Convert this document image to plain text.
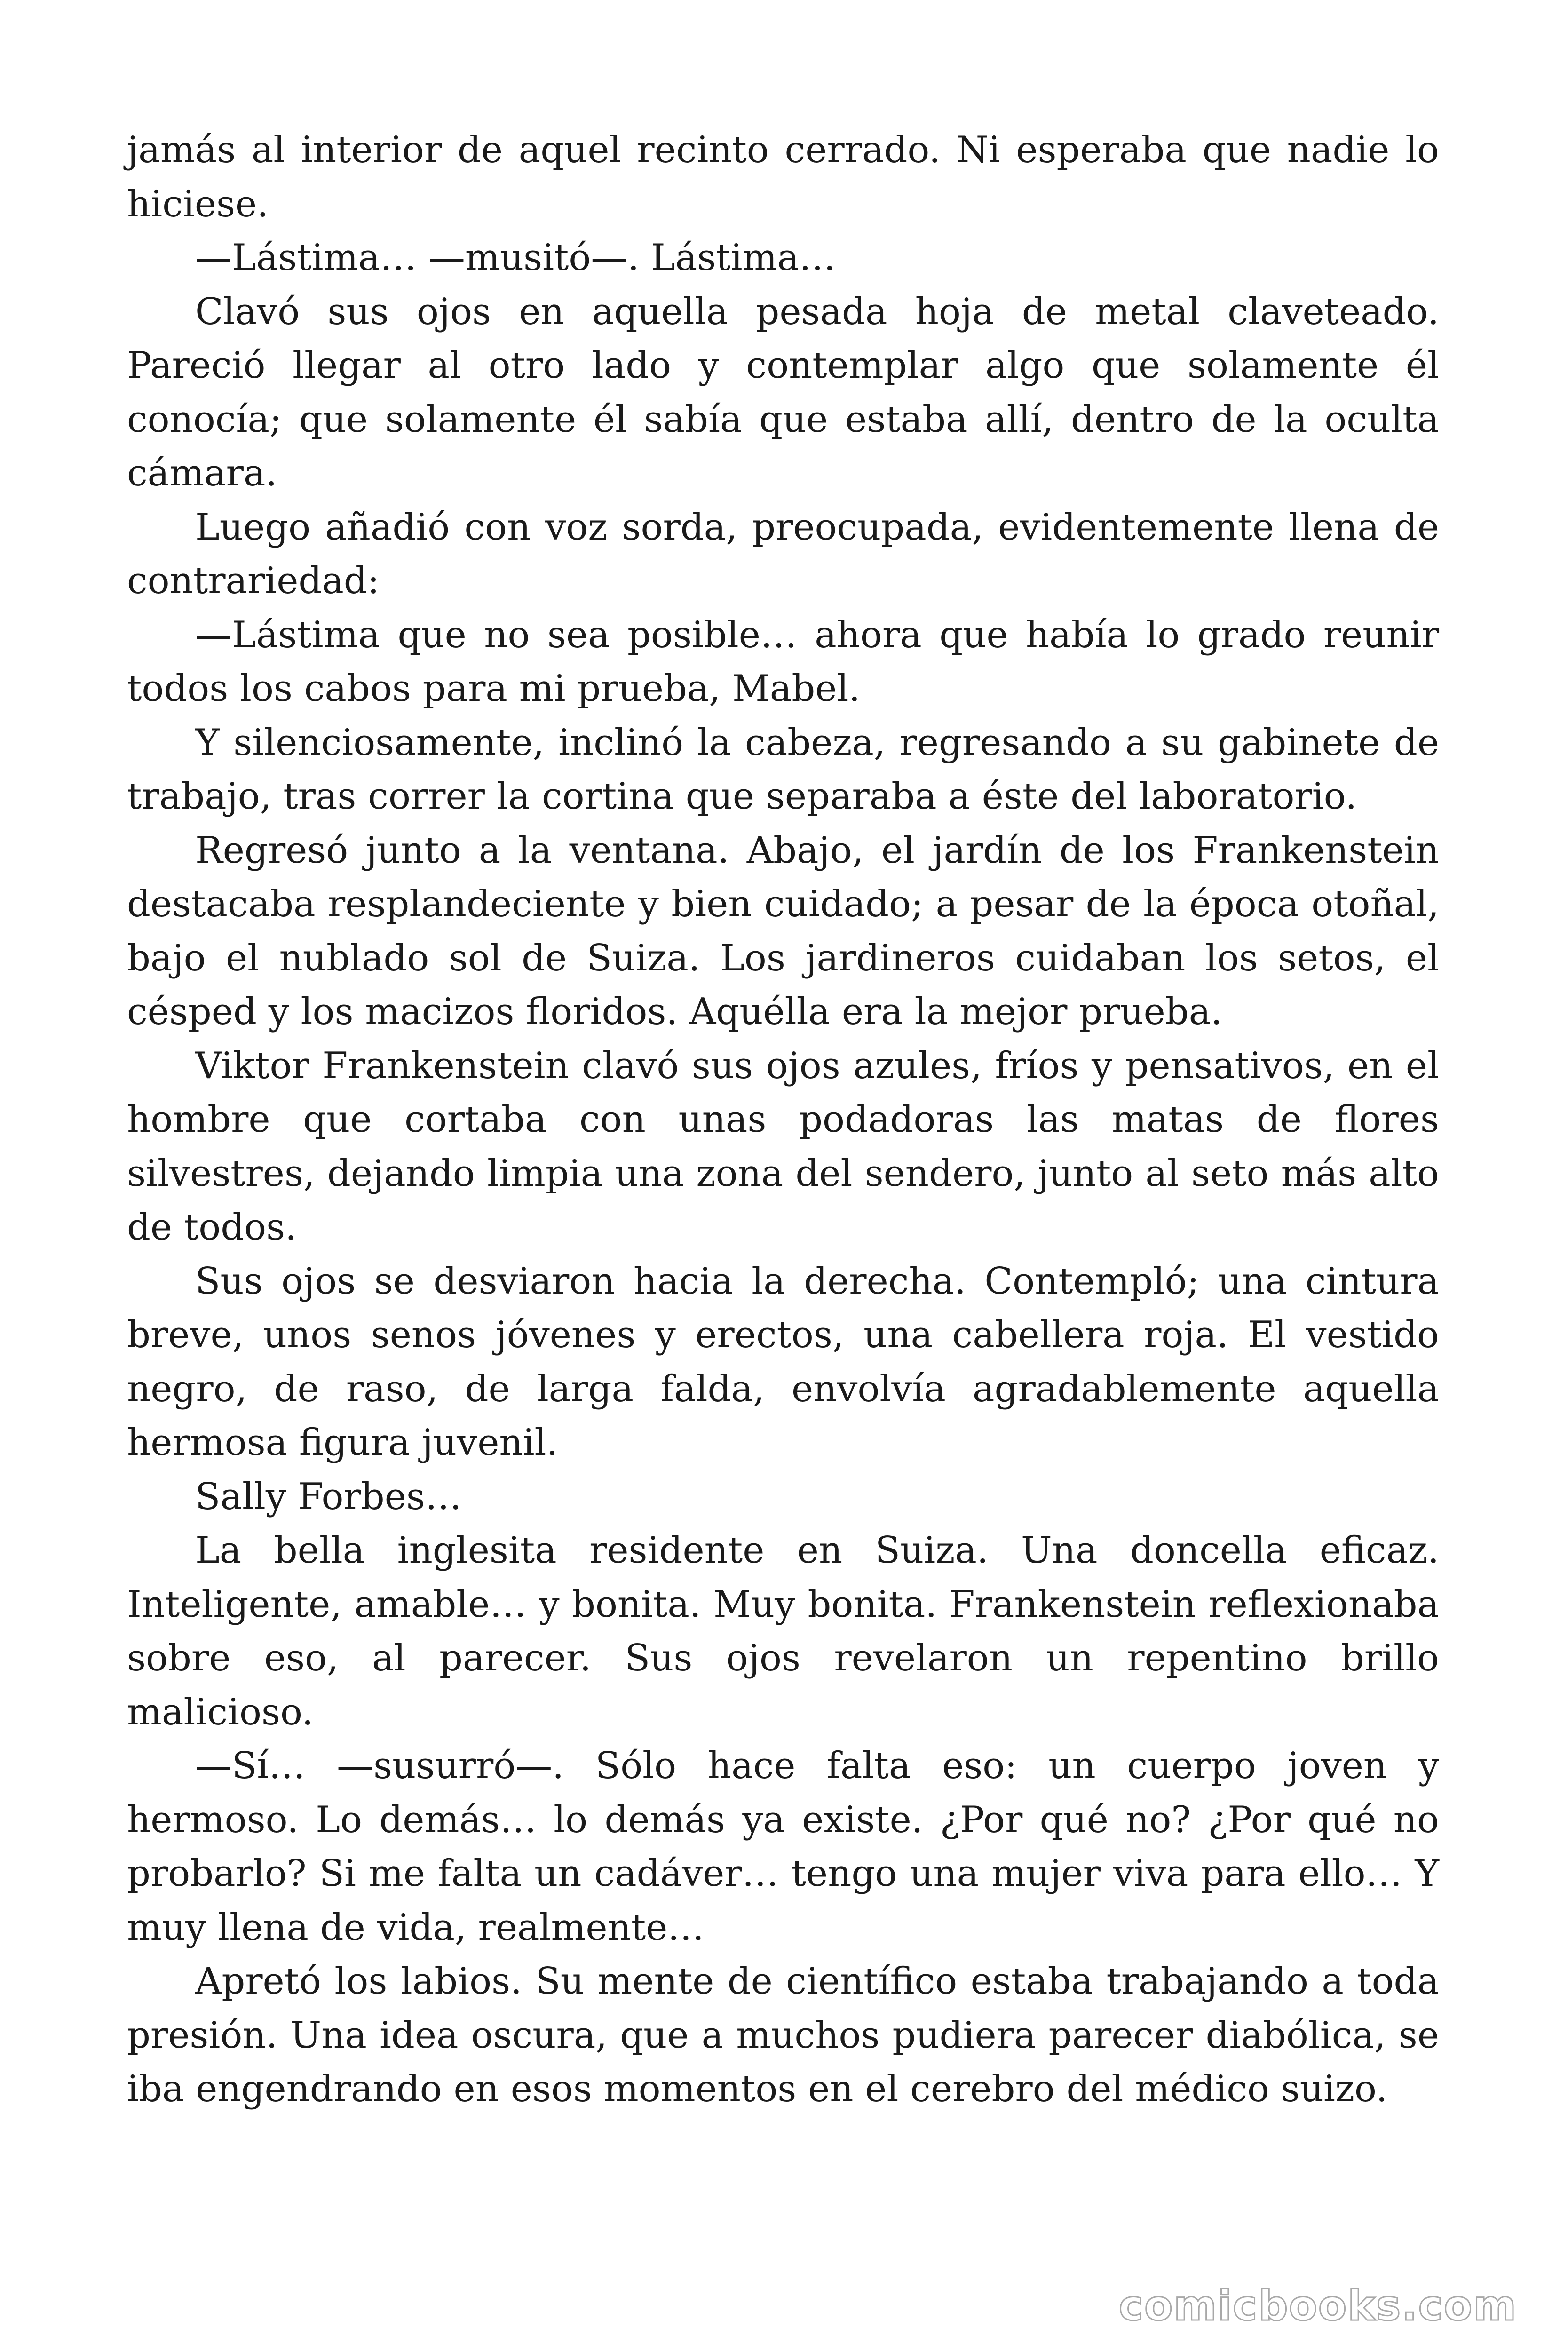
jamás al interior de aquel recinto cerrado. Ni esperaba que nadie lo hiciese.

—Lástima… —musitó—. Lástima…

Clavó sus ojos en aquella pesada hoja de metal claveteado. Pareció llegar al otro lado y contemplar algo que solamente él conocía; que solamente él sabía que estaba allí, dentro de la oculta cámara.

Luego añadió con voz sorda, preocupada, evidentemente llena de contrariedad:

—Lástima que no sea posible… ahora que había lo grado reunir todos los cabos para mi prueba, Mabel.

Y silenciosamente, inclinó la cabeza, regresando a su gabinete de trabajo, tras correr la cortina que separaba a éste del laboratorio.

Regresó junto a la ventana. Abajo, el jardín de los Frankenstein destacaba resplandeciente y bien cuidado; a pesar de la época otoñal, bajo el nublado sol de Suiza. Los jardineros cuidaban los setos, el césped y los macizos floridos. Aquélla era la mejor prueba.

Viktor Frankenstein clavó sus ojos azules, fríos y pensativos, en el hombre que cortaba con unas podadoras las matas de flores silvestres, dejando limpia una zona del sendero, junto al seto más alto de todos.

Sus ojos se desviaron hacia la derecha. Contempló; una cintura breve, unos senos jóvenes y erectos, una cabellera roja. El vestido negro, de raso, de larga falda, envolvía agradablemente aquella hermosa figura juvenil.

Sally Forbes…

La bella inglesita residente en Suiza. Una doncella eficaz. Inteligente, amable… y bonita. Muy bonita. Frankenstein reflexionaba sobre eso, al parecer. Sus ojos revelaron un repentino brillo malicioso.

—Sí… —susurró—. Sólo hace falta eso: un cuerpo joven y hermoso. Lo demás… lo demás ya existe. ¿Por qué no? ¿Por qué no probarlo? Si me falta un cadáver… tengo una mujer viva para ello… Y muy llena de vida, realmente…

Apretó los labios. Su mente de científico estaba trabajando a toda presión. Una idea oscura, que a muchos pudiera parecer diabólica, se iba engendrando en esos momentos en el cerebro del médico suizo.

comicbooks.com
